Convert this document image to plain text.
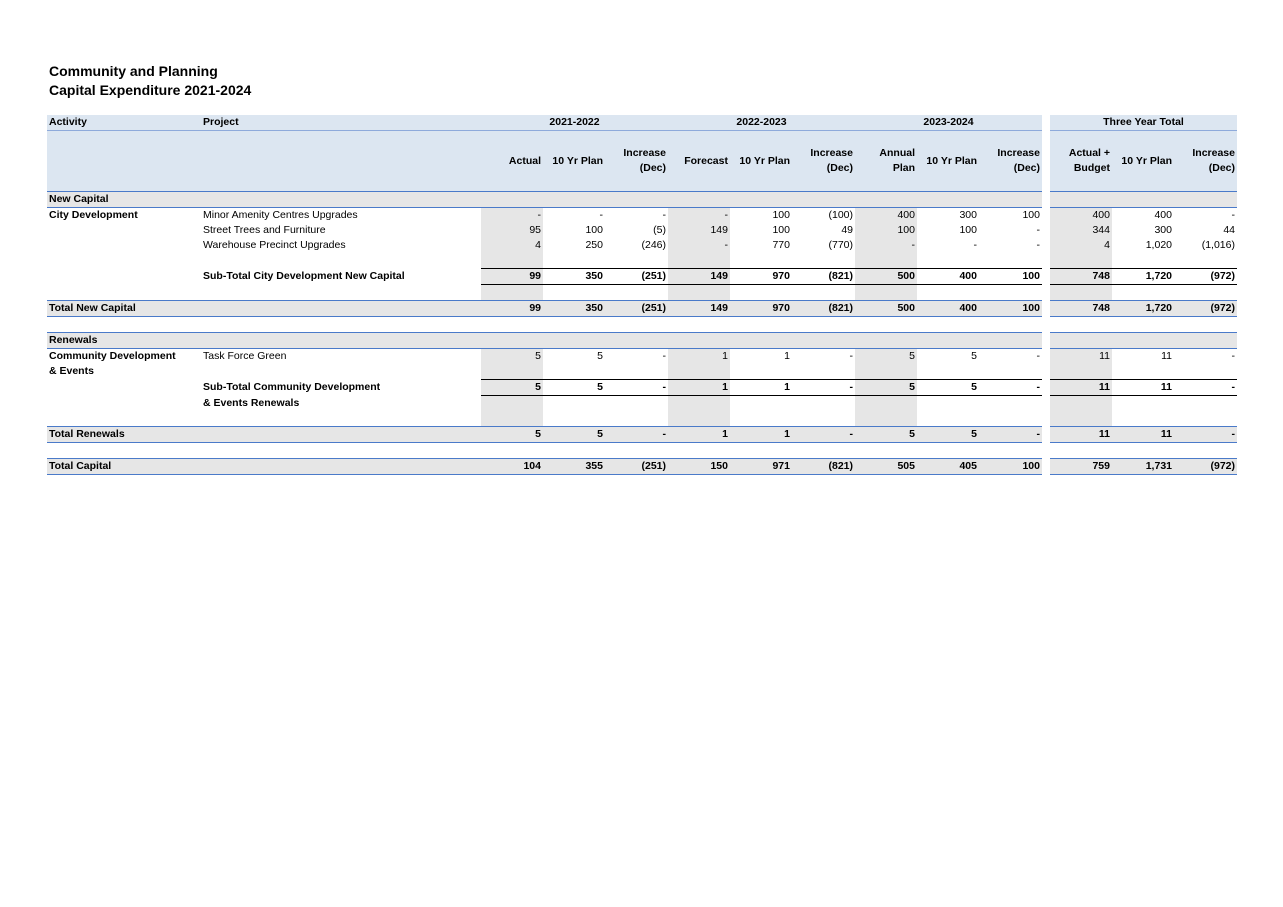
Community and Planning
Capital Expenditure 2021-2024
Activity	Project	2021-2022			2022-2023			2023-2024				Three Year Total		
		Actual	10 Yr Plan	Increase (Dec)	Forecast	10 Yr Plan	Increase (Dec)	Annual Plan	10 Yr Plan	Increase (Dec)		Actual + Budget	10 Yr Plan	Increase (Dec)
New Capital														
City Development	Minor Amenity Centres Upgrades	-	-	-	-	100	(100)	400	300	100		400	400	-
	Street Trees and Furniture	95	100	(5)	149	100	49	100	100	-		344	300	44
	Warehouse Precinct Upgrades	4	250	(246)	-	770	(770)	-	-	-		4	1,020	(1,016)

	Sub-Total City Development New Capital	99	350	(251)	149	970	(821)	500	400	100		748	1,720	(972)

Total New Capital		99	350	(251)	149	970	(821)	500	400	100		748	1,720	(972)

Renewals														
Community Development	Task Force Green	5	5	-	1	1	-	5	5	-		11	11	-
& Events														
	Sub-Total Community Development	5	5	-	1	1	-	5	5	-		11	11	-
	& Events Renewals													

Total Renewals		5	5	-	1	1	-	5	5	-		11	11	-

Total Capital		104	355	(251)	150	971	(821)	505	405	100		759	1,731	(972)
